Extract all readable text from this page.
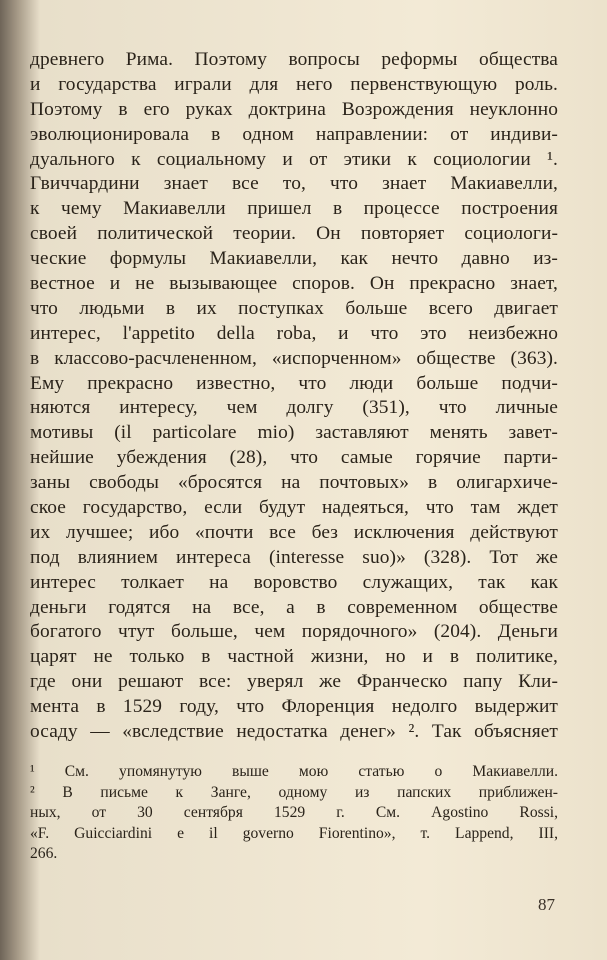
древнего Рима. Поэтому вопросы реформы общества
и государства играли для него первенствующую роль.
Поэтому в его руках доктрина Возрождения неуклонно
эволюционировала в одном направлении: от индиви-
дуального к социальному и от этики к социологии ¹.
Гвиччардини знает все то, что знает Макиавелли,
к чему Макиавелли пришел в процессе построения
своей политической теории. Он повторяет социологи-
ческие формулы Макиавелли, как нечто давно из-
вестное и не вызывающее споров. Он прекрасно знает,
что людьми в их поступках больше всего двигает
интерес, l'appetito della roba, и что это неизбежно
в классово-расчлененном, «испорченном» обществе (363).
Ему прекрасно известно, что люди больше подчи-
няются интересу, чем долгу (351), что личные
мотивы (il particolare mio) заставляют менять завет-
нейшие убеждения (28), что самые горячие парти-
заны свободы «бросятся на почтовых» в олигархиче-
ское государство, если будут надеяться, что там ждет
их лучшее; ибо «почти все без исключения действуют
под влиянием интереса (interesse suo)» (328). Тот же
интерес толкает на воровство служащих, так как
деньги годятся на все, а в современном обществе
богатого чтут больше, чем порядочного» (204). Деньги
царят не только в частной жизни, но и в политике,
где они решают все: уверял же Франческо папу Кли-
мента в 1529 году, что Флоренция недолго выдержит
осаду — «вследствие недостатка денег» ². Так объясняет
¹ См. упомянутую выше мою статью о Макиавелли.
² В письме к Занге, одному из папских приближен-
ных, от 30 сентября 1529 г. См. Agostino Rossi,
«F. Guicciardini e il governo Fiorentino», т. Lappend, III,
266.
87
